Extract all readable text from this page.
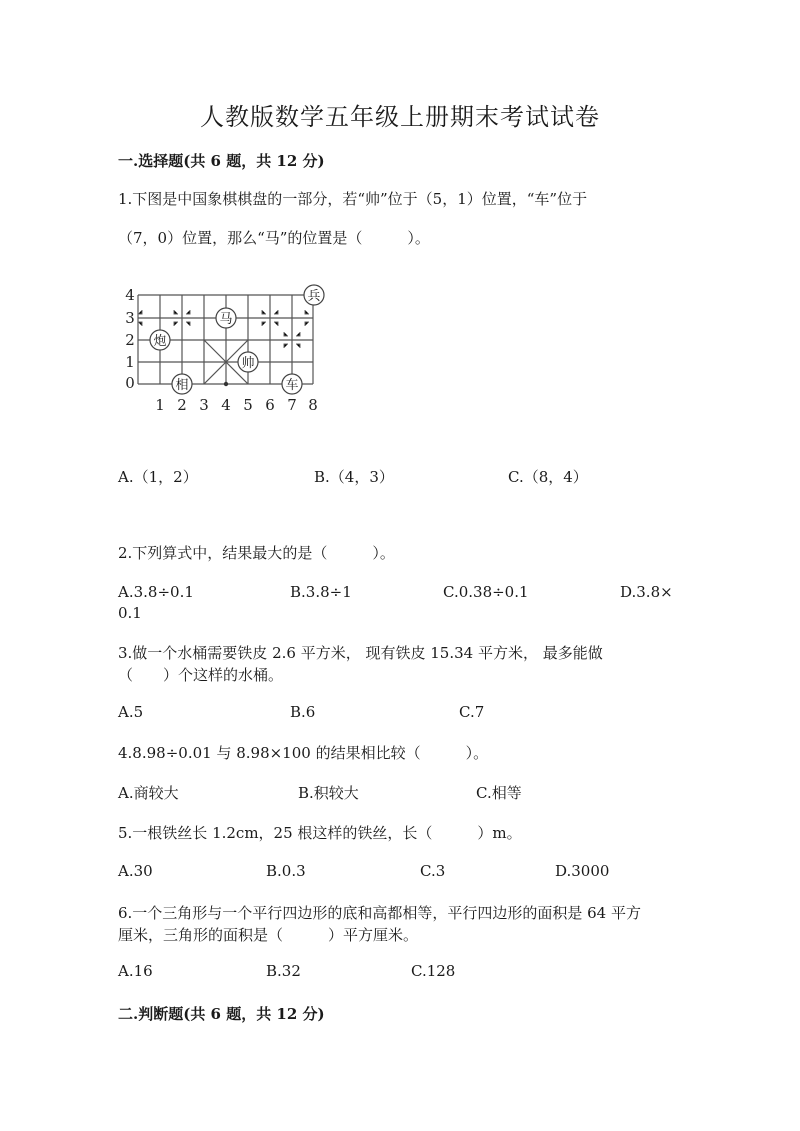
人教版数学五年级上册期末考试试卷
一.选择题(共 6 题，共 12 分)
1.下图是中国象棋棋盘的一部分，若“帅”位于（5，1）位置，“车”位于
（7，0）位置，那么“马”的位置是（　　　）。
兵
马
炮
帅
相	车
4
3
2
1
0
1 2 3 4 5 6 7 8
A.（1，2）	B.（4，3）	C.（8，4）
2.下列算式中，结果最大的是（　　　）。
A.3.8÷0.1	B.3.8÷1	C.0.38÷0.1	D.3.8×
0.1
3.做一个水桶需要铁皮 2.6 平方米， 现有铁皮 15.34 平方米， 最多能做
（　　）个这样的水桶。
A.5	B.6	C.7
4.8.98÷0.01 与 8.98×100 的结果相比较（　　　）。
A.商较大	B.积较大	C.相等
5.一根铁丝长 1.2cm，25 根这样的铁丝，长（　　　）m。
A.30	B.0.3	C.3	D.3000
6.一个三角形与一个平行四边形的底和高都相等，平行四边形的面积是 64 平方
厘米，三角形的面积是（　　　）平方厘米。
A.16	B.32	C.128
二.判断题(共 6 题，共 12 分)
